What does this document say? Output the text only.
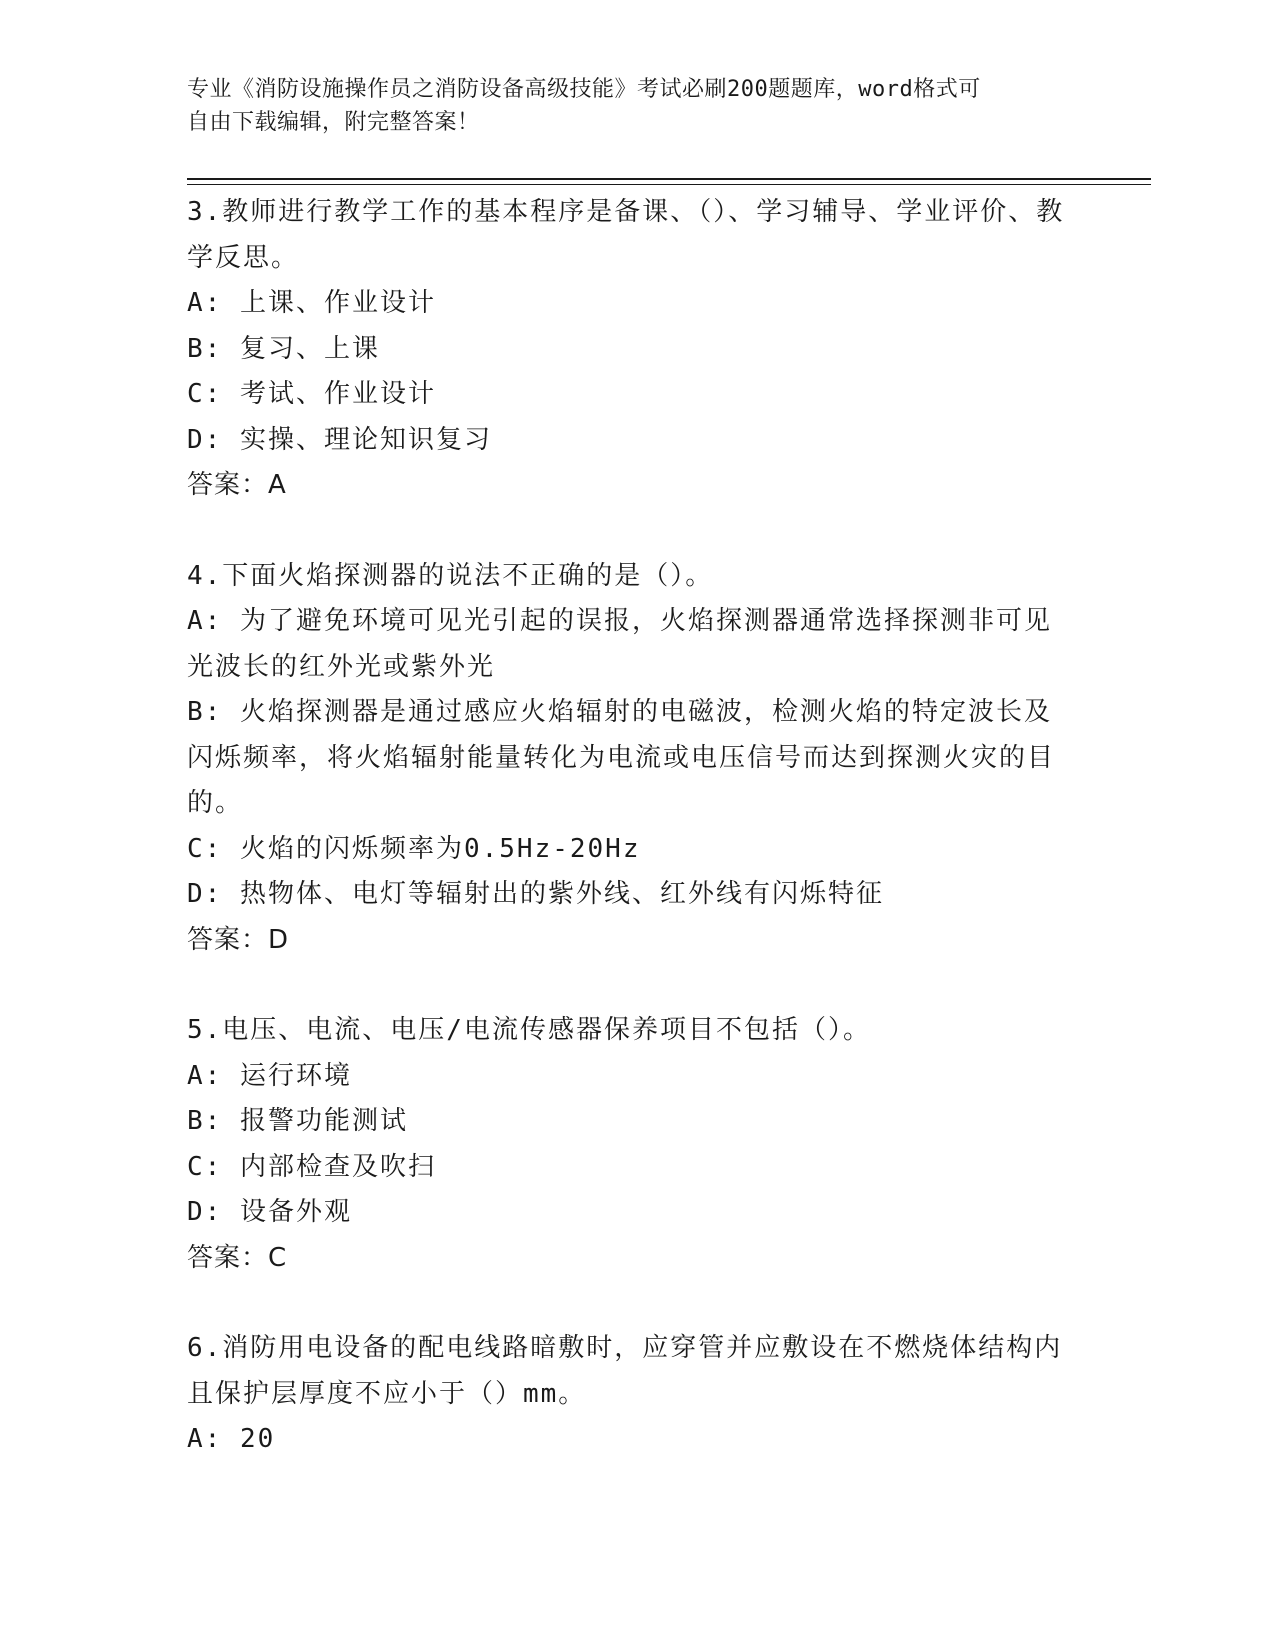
专业《消防设施操作员之消防设备高级技能》考试必刷200题题库，word格式可
自由下载编辑，附完整答案！

3.教师进行教学工作的基本程序是备课、（）、学习辅导、学业评价、教学反思。

A: 上课、作业设计

B: 复习、上课

C: 考试、作业设计

D: 实操、理论知识复习

答案：A

4.下面火焰探测器的说法不正确的是（）。

A: 为了避免环境可见光引起的误报，火焰探测器通常选择探测非可见光波长的红外光或紫外光

B: 火焰探测器是通过感应火焰辐射的电磁波，检测火焰的特定波长及闪烁频率，将火焰辐射能量转化为电流或电压信号而达到探测火灾的目的。

C: 火焰的闪烁频率为0.5Hz-20Hz

D: 热物体、电灯等辐射出的紫外线、红外线有闪烁特征

答案：D

5.电压、电流、电压/电流传感器保养项目不包括（）。

A: 运行环境

B: 报警功能测试

C: 内部检查及吹扫

D: 设备外观

答案：C

6.消防用电设备的配电线路暗敷时，应穿管并应敷设在不燃烧体结构内且保护层厚度不应小于（）mm。

A: 20
